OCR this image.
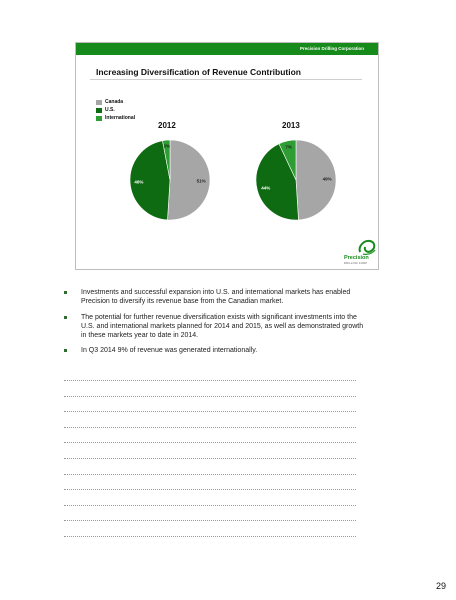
Precision Drilling Corporation
Increasing Diversification of Revenue Contribution
Canada
U.S.
International
2012	2013
51%
46%
3%
49%
44%
7%
Precision
DRILLING CORP
Investments and successful expansion into U.S. and international markets has enabled Precision to diversify its revenue base from the Canadian market.
The potential for further revenue diversification exists with significant investments into the U.S. and international markets planned for 2014 and 2015, as well as demonstrated growth in these markets year to date in 2014.
In Q3 2014 9% of revenue was generated internationally.
29
